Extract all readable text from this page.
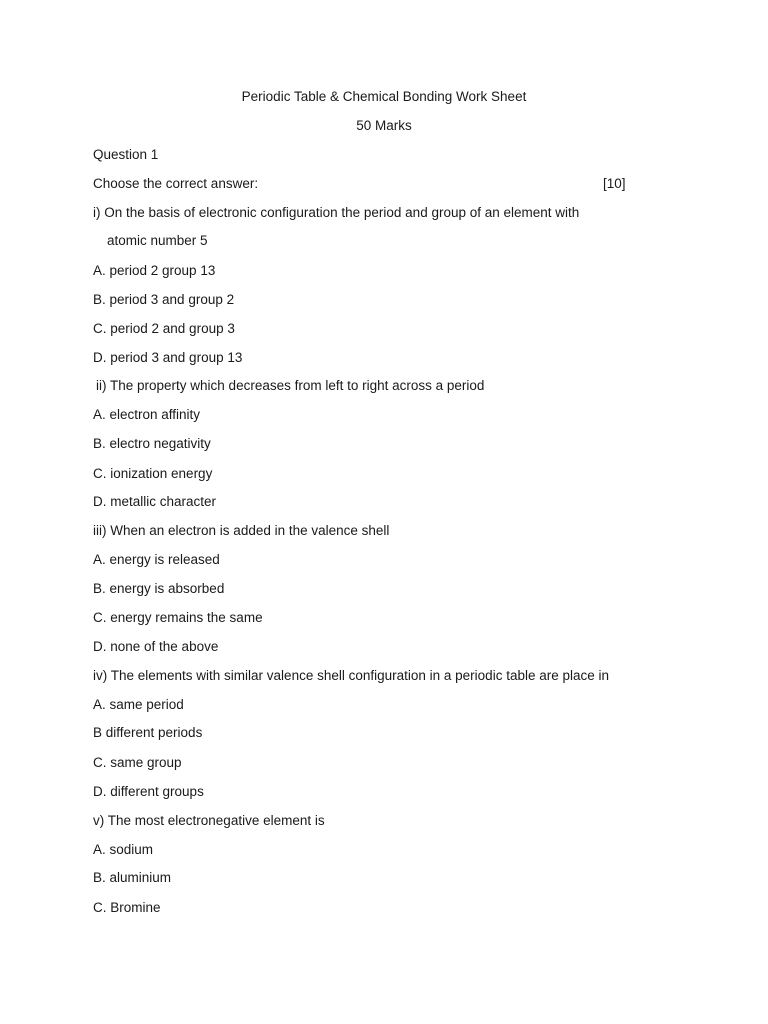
Periodic Table & Chemical Bonding Work Sheet
50 Marks
Question 1
Choose the correct answer:	[10]
i) On the basis of electronic configuration the period and group of an element with
atomic number 5
A. period 2 group 13
B. period 3 and group 2
C. period 2 and group 3
D. period 3 and group 13
ii) The property which decreases from left to right across a period
A. electron affinity
B. electro negativity
C. ionization energy
D. metallic character
iii) When an electron is added in the valence shell
A. energy is released
B. energy is absorbed
C. energy remains the same
D. none of the above
iv) The elements with similar valence shell configuration in a periodic table are place in
A. same period
B different periods
C. same group
D. different groups
v) The most electronegative element is
A. sodium
B. aluminium
C. Bromine
